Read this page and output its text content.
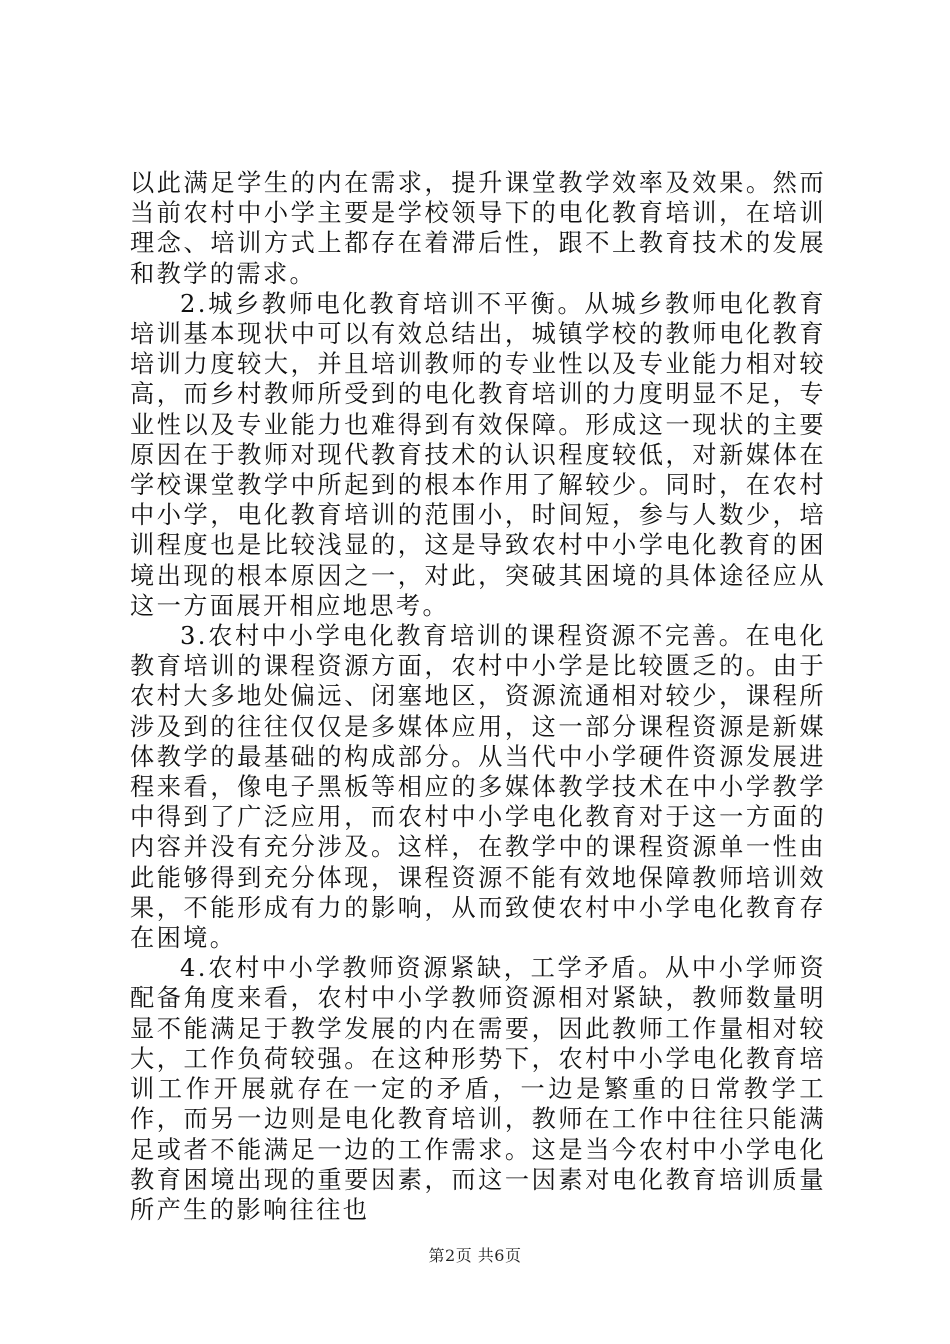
以此满足学生的内在需求，提升课堂教学效率及效果。然而当前农村中小学主要是学校领导下的电化教育培训，在培训理念、培训方式上都存在着滞后性，跟不上教育技术的发展和教学的需求。

2.城乡教师电化教育培训不平衡。从城乡教师电化教育培训基本现状中可以有效总结出，城镇学校的教师电化教育培训力度较大，并且培训教师的专业性以及专业能力相对较高，而乡村教师所受到的电化教育培训的力度明显不足，专业性以及专业能力也难得到有效保障。形成这一现状的主要原因在于教师对现代教育技术的认识程度较低，对新媒体在学校课堂教学中所起到的根本作用了解较少。同时，在农村中小学，电化教育培训的范围小，时间短，参与人数少，培训程度也是比较浅显的，这是导致农村中小学电化教育的困境出现的根本原因之一，对此，突破其困境的具体途径应从这一方面展开相应地思考。

3.农村中小学电化教育培训的课程资源不完善。在电化教育培训的课程资源方面，农村中小学是比较匮乏的。由于农村大多地处偏远、闭塞地区，资源流通相对较少，课程所涉及到的往往仅仅是多媒体应用，这一部分课程资源是新媒体教学的最基础的构成部分。从当代中小学硬件资源发展进程来看，像电子黑板等相应的多媒体教学技术在中小学教学中得到了广泛应用，而农村中小学电化教育对于这一方面的内容并没有充分涉及。这样，在教学中的课程资源单一性由此能够得到充分体现，课程资源不能有效地保障教师培训效果，不能形成有力的影响，从而致使农村中小学电化教育存在困境。

4.农村中小学教师资源紧缺，工学矛盾。从中小学师资配备角度来看，农村中小学教师资源相对紧缺，教师数量明显不能满足于教学发展的内在需要，因此教师工作量相对较大，工作负荷较强。在这种形势下，农村中小学电化教育培训工作开展就存在一定的矛盾，一边是繁重的日常教学工作，而另一边则是电化教育培训，教师在工作中往往只能满足或者不能满足一边的工作需求。这是当今农村中小学电化教育困境出现的重要因素，而这一因素对电化教育培训质量所产生的影响往往也

第2页 共6页
